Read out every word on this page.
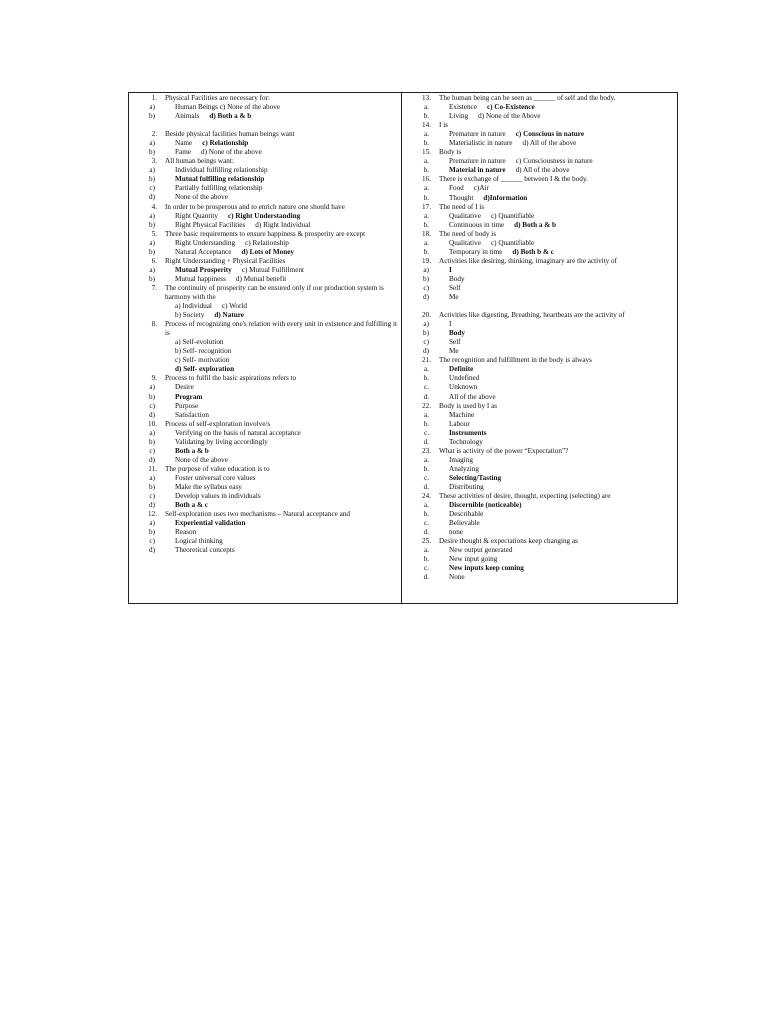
1.	Physical Facilities are necessary for:
a)	Human Beings c) None of the above
b)	Animals d) Both a & b
2.	Beside physical facilities human beings want
a)	Name c) Relationship
b)	Fame d) None of the above
3.	All human beings want:
a)	Individual fulfilling relationship
b)	Mutual fulfilling relationship
c)	Partially fulfilling relationship
d)	None of the above
4.	In order to be prosperous and to enrich nature one should have
a)	Right Quantity c) Right Understanding
b)	Right Physical Facilities d) Right Individual
5.	Three basic requirements to ensure happiness & prosperity are except
a)	Right Understanding c) Relationship
b)	Natural Acceptance d) Lots of Money
6.	Right Understanding + Physical Facilities
a)	Mutual Prosperity c) Mutual Fulfillment
b)	Mutual happiness d) Mutual benefit
7.	The continuity of prosperity can be ensured only if our production system is harmony with the
a) Individual c) World
b) Society d) Nature
8.	Process of recognizing one's relation with every unit in existence and fulfilling it is
a) Self-evolution
b) Self- recognition
c) Self- motivation
d) Self- exploration
9.	Process to fulfil the basic aspirations refers to
a)	Desire
b)	Program
c)	Purpose
d)	Satisfaction
10.	Process of self-exploration involve/s
a)	Verifying on the basis of natural acceptance
b)	Validating by living accordingly
c)	Both a & b
d)	None of the above
11.	The purpose of value education is to
a)	Foster universal core values
b)	Make the syllabus easy
c)	Develop values in individuals
d)	Both a & c
12.	Self-exploration uses two mechanisms – Natural acceptance and
a)	Experiential validation
b)	Reason
c)	Logical thinking
d)	Theoretical concepts
13.	The human being can be seen as ______ of self and the body.
a.	Existence c) Co-Existence
b.	Living d) None of the Above
14.	I is
a.	Premature in nature c) Conscious in nature
b.	Materialistic in nature d) All of the above
15.	Body is
a.	Premature in nature c) Consciousness in nature
b.	Material in nature d) All of the above
16.	There is exchange of ______ between I & the body.
a.	Food c)Air
b.	Thought d)Information
17.	The need of I is
a.	Qualitative c) Quantifiable
b.	Continuous in time d) Both a & b
18.	The need of body is
a.	Qualitative c) Quantifiable
b.	Temporary in time d) Both b & c
19.	Activities like desiring, thinking, imaginary are the activity of
a)	I
b)	Body
c)	Self
d)	Me
20.	Activities like digesting, Breathing, heartbeats are the activity of
a)	I
b)	Body
c)	Self
d)	Me
21.	The recognition and fulfillment in the body is always
a.	Definite
b.	Undefined
c.	Unknown
d.	All of the above
22.	Body is used by I as
a.	Machine
b.	Labour
c.	Instruments
d.	Technology
23.	What is activity of the power “Expectation”?
a.	Imaging
b.	Analyzing
c.	Selecting/Tasting
d.	Distributing
24.	These activities of desire, thought, expecting (selecting) are
a.	Discernible (noticeable)
b.	Describable
c.	Believable
d.	none
25.	Desire thought & expectations keep changing as
a.	New output generated
b.	New input going
c.	New inputs keep coming
d.	None
